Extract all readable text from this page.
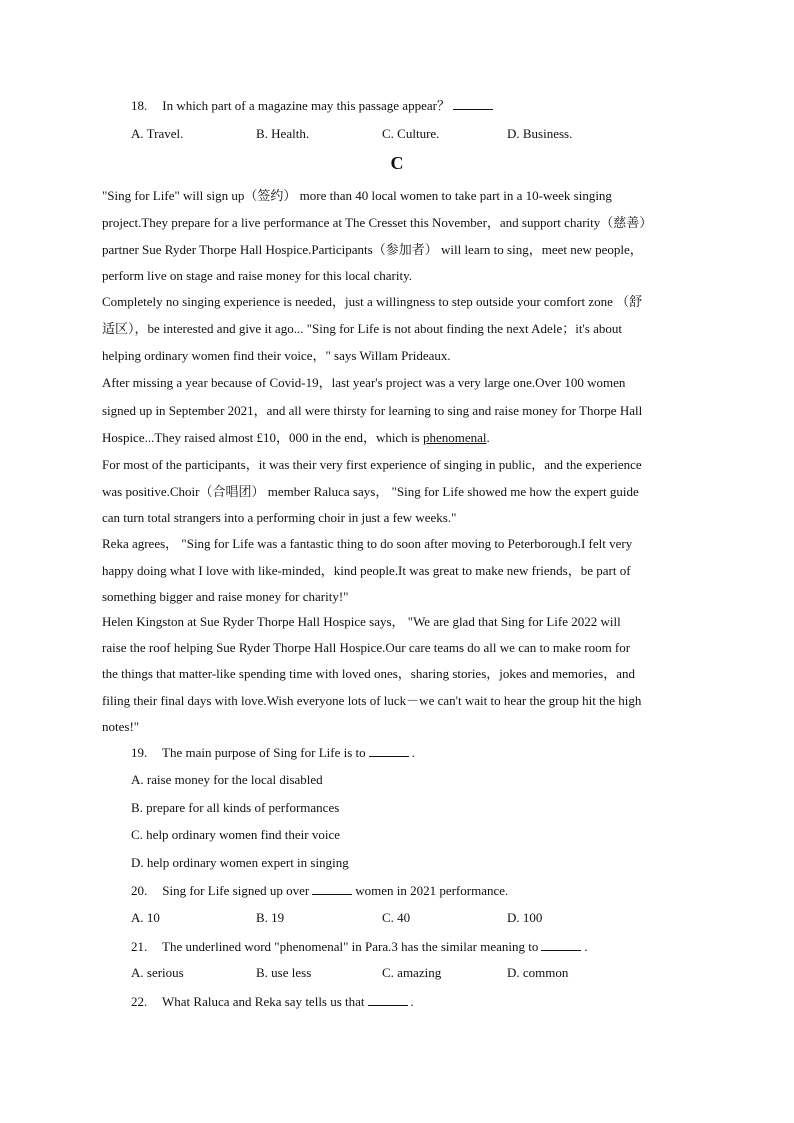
18. In which part of a magazine may this passage appear？
A. Travel.	B. Health.	C. Culture.	D. Business.
C
"Sing for Life" will sign up（签约） more than 40 local women to take part in a 10-week singing
project.They prepare for a live performance at The Cresset this November，and support charity（慈善）
partner Sue Ryder Thorpe Hall Hospice.Participants（参加者） will learn to sing，meet new people，
perform live on stage and raise money for this local charity.
Completely no singing experience is needed，just a willingness to step outside your comfort zone （舒
适区），be interested and give it ago... "Sing for Life is not about finding the next Adele；it's about
helping ordinary women find their voice，" says Willam Prideaux.
After missing a year because of Covid-19，last year's project was a very large one.Over 100 women
signed up in September 2021，and all were thirsty for learning to sing and raise money for Thorpe Hall
Hospice...They raised almost £10，000 in the end，which is phenomenal.
For most of the participants，it was their very first experience of singing in public，and the experience
was positive.Choir（合唱团） member Raluca says， "Sing for Life showed me how the expert guide
can turn total strangers into a performing choir in just a few weeks."
Reka agrees， "Sing for Life was a fantastic thing to do soon after moving to Peterborough.I felt very
happy doing what I love with like-minded，kind people.It was great to make new friends，be part of
something bigger and raise money for charity!"
Helen Kingston at Sue Ryder Thorpe Hall Hospice says， "We are glad that Sing for Life 2022 will
raise the roof helping Sue Ryder Thorpe Hall Hospice.Our care teams do all we can to make room for
the things that matter-like spending time with loved ones，sharing stories，jokes and memories，and
filing their final days with love.Wish everyone lots of luck－we can't wait to hear the group hit the high
notes!"
19. The main purpose of Sing for Life is to	.
A. raise money for the local disabled
B. prepare for all kinds of performances
C. help ordinary women find their voice
D. help ordinary women expert in singing
20. Sing for Life signed up over	women in 2021 performance.
A. 10	B. 19	C. 40	D. 100
21. The underlined word "phenomenal" in Para.3 has the similar meaning to	.
A. serious	B. use less	C. amazing	D. common
22. What Raluca and Reka say tells us that	.
